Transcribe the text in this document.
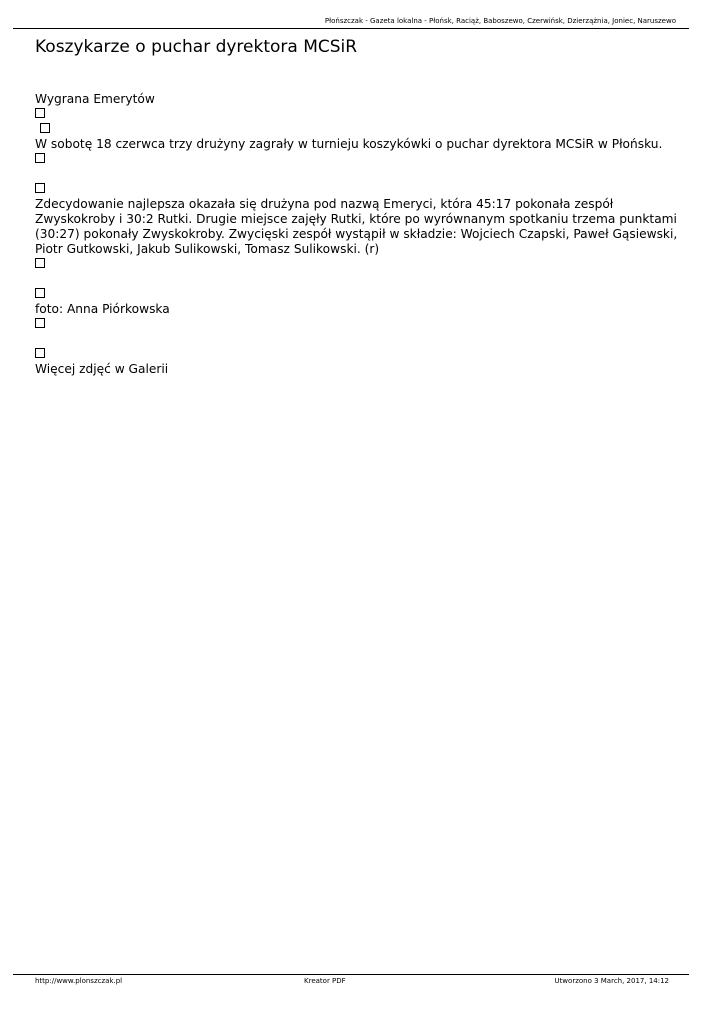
Płońszczak - Gazeta lokalna - Płońsk, Raciąż, Baboszewo, Czerwińsk, Dzierzążnia, Joniec, Naruszewo
Koszykarze o puchar dyrektora MCSiR
Wygrana Emerytów
W sobotę 18 czerwca trzy drużyny zagrały w turnieju koszykówki o puchar dyrektora MCSiR w Płońsku.
Zdecydowanie najlepsza okazała się drużyna pod nazwą Emeryci, która 45:17 pokonała zespół Zwyskokroby i 30:2 Rutki. Drugie miejsce zajęły Rutki, które po wyrównanym spotkaniu trzema punktami (30:27) pokonały Zwyskokroby. Zwycięski zespół wystąpił w składzie: Wojciech Czapski, Paweł Gąsiewski, Piotr Gutkowski, Jakub Sulikowski, Tomasz Sulikowski. (r)
foto: Anna Piórkowska
Więcej zdjęć w Galerii
http://www.plonszczak.pl	Kreator PDF	Utworzono 3 March, 2017, 14:12
